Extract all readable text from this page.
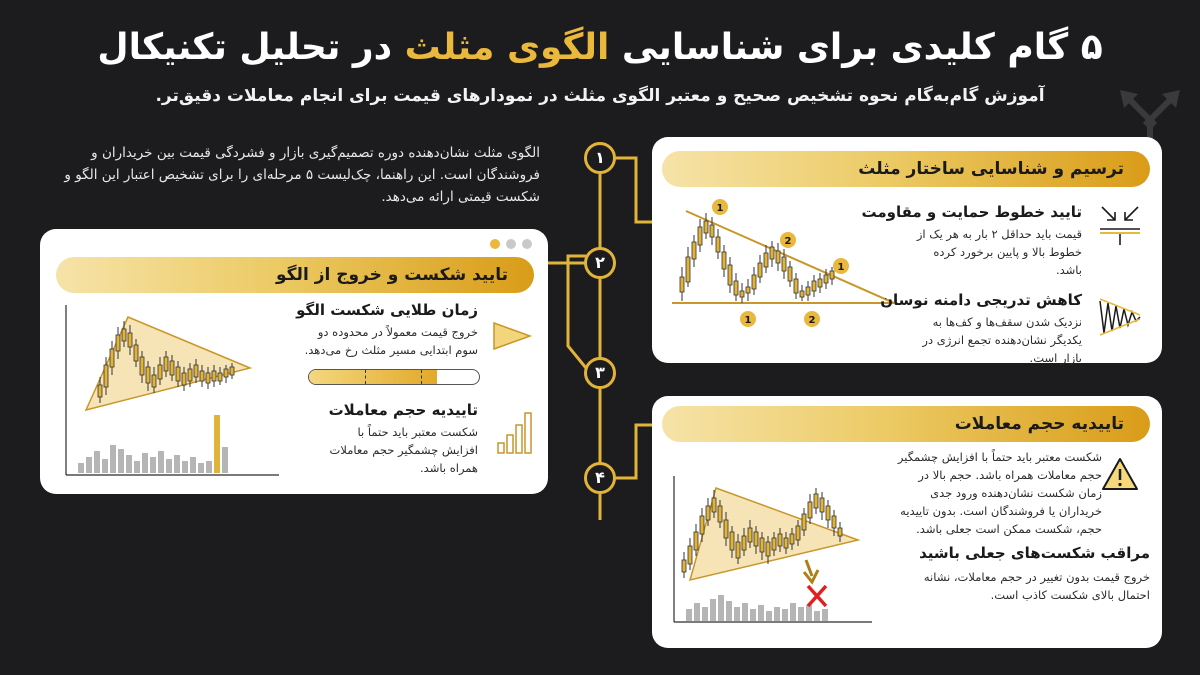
۵ گام کلیدی برای شناسایی الگوی مثلث در تحلیل تکنیکال
آموزش گام‌به‌گام نحوه تشخیص صحیح و معتبر الگوی مثلث در نمودارهای قیمت برای انجام معاملات دقیق‌تر.
الگوی مثلث نشان‌دهنده دوره تصمیم‌گیری بازار و فشردگی قیمت بین خریداران و فروشندگان است. این راهنما، چک‌لیست ۵ مرحله‌ای را برای تشخیص اعتبار این الگو و شکست قیمتی ارائه می‌دهد.
۱
۲
۳
۴
ترسیم و شناسایی ساختار مثلث
1
2
1
1	2
تایید خطوط حمایت و مقاومت
قیمت باید حداقل ۲ بار به هر یک از خطوط بالا و پایین برخورد کرده باشد.
کاهش تدریجی دامنه نوسان
نزدیک شدن سقف‌ها و کف‌ها به یکدیگر نشان‌دهنده تجمع انرژی در بازار است.
تایید شکست و خروج از الگو
زمان طلایی شکست الگو
خروج قیمت معمولاً در محدوده دو سوم ابتدایی مسیر مثلث رخ می‌دهد.
تاییدیه حجم معاملات
شکست معتبر باید حتماً با افزایش چشمگیر حجم معاملات همراه باشد.
تاییدیه حجم معاملات
شکست معتبر باید حتماً با افزایش چشمگیر حجم معاملات همراه باشد. حجم بالا در زمان شکست نشان‌دهنده ورود جدی خریداران یا فروشندگان است. بدون تاییدیه حجم، شکست ممکن است جعلی باشد.
مراقب شکست‌های جعلی باشید
خروج قیمت بدون تغییر در حجم معاملات، نشانه احتمال بالای شکست کاذب است.
